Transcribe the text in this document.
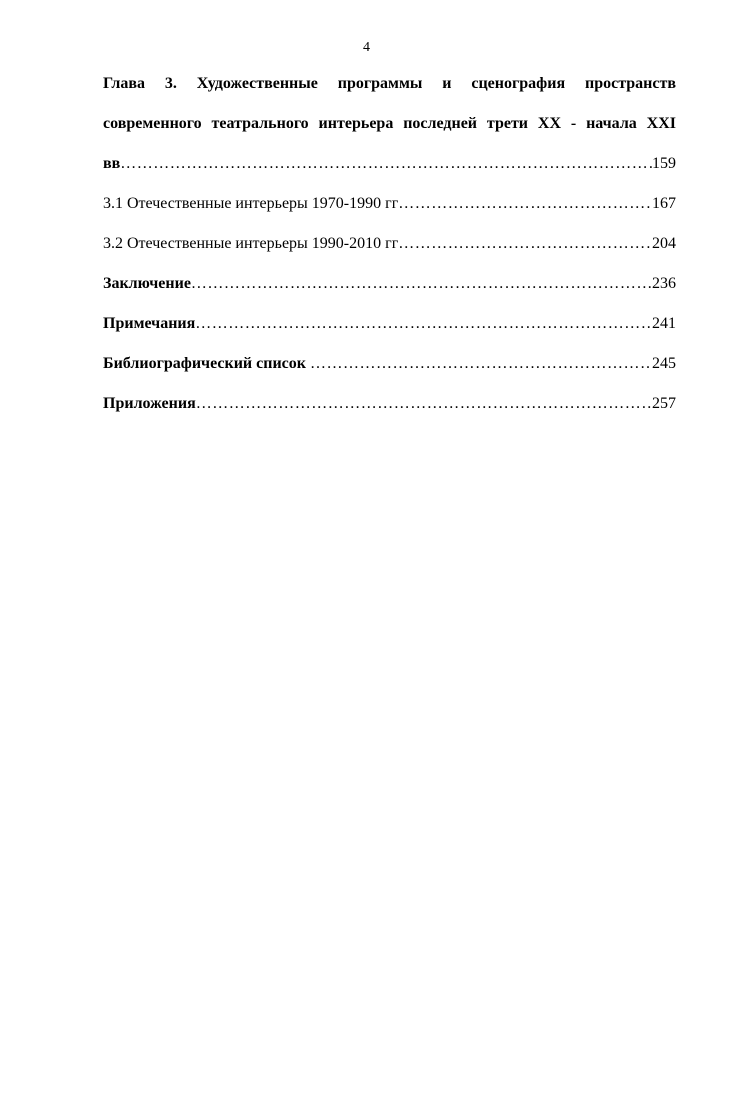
4
Глава 3. Художественные программы и сценография пространств
современного театрального интерьера последней трети XX - начала XXI
вв ……………………………………………………………………………………………………………………………………………………………………………………	159
3.1 Отечественные интерьеры 1970-1990 гг ……………………………………………………………………………………………………………………………………………………………………………………	167
3.2 Отечественные интерьеры 1990-2010 гг ……………………………………………………………………………………………………………………………………………………………………………………	204
Заключение ……………………………………………………………………………………………………………………………………………………………………………………	236
Примечания ……………………………………………………………………………………………………………………………………………………………………………………	241
Библиографический список ……………………………………………………………………………………………………………………………………………………………………………………	245
Приложения ……………………………………………………………………………………………………………………………………………………………………………………	257
